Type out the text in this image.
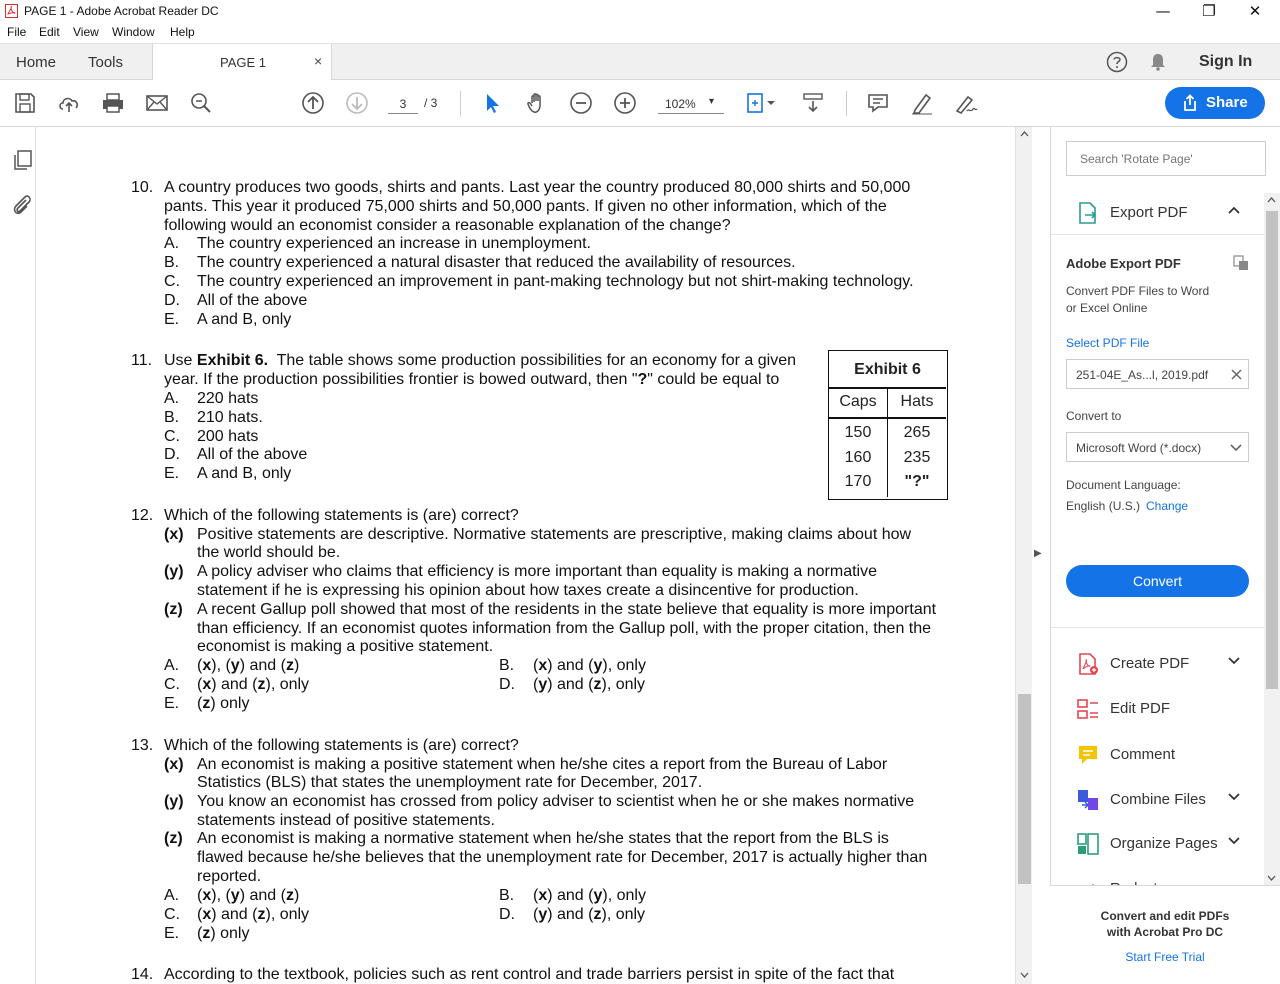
PAGE 1 - Adobe Acrobat Reader DC	—	❐	✕
File Edit View Window Help
Home Tools	PAGE 1	×	Sign In
3
/ 3	102% ▾	Share
10. A country produces two goods, shirts and pants. Last year the country produced 80,000 shirts and 50,000
pants. This year it produced 75,000 shirts and 50,000 pants. If given no other information, which of the
following would an economist consider a reasonable explanation of the change?
A. The country experienced an increase in unemployment.
B. The country experienced a natural disaster that reduced the availability of resources.
C. The country experienced an improvement in pant-making technology but not shirt-making technology.
D. All of the above
E. A and B, only
11. Use Exhibit 6.  The table shows some production possibilities for an economy for a given
year. If the production possibilities frontier is bowed outward, then "?" could be equal to
A. 220 hats
B. 210 hats.
C. 200 hats
D. All of the above
E. A and B, only
Exhibit 6
Caps	Hats
150	265
160	235
170	"?"
12. Which of the following statements is (are) correct?
(x) Positive statements are descriptive. Normative statements are prescriptive, making claims about how
the world should be.
(y) A policy adviser who claims that efficiency is more important than equality is making a normative
statement if he is expressing his opinion about how taxes create a disincentive for production.
(z) A recent Gallup poll showed that most of the residents in the state believe that equality is more important
than efficiency. If an economist quotes information from the Gallup poll, with the proper citation, then the
economist is making a positive statement.
A. (x), (y) and (z)	B. (x) and (y), only
C. (x) and (z), only	D. (y) and (z), only
E. (z) only
13. Which of the following statements is (are) correct?
(x) An economist is making a positive statement when he/she cites a report from the Bureau of Labor
Statistics (BLS) that states the unemployment rate for December, 2017.
(y) You know an economist has crossed from policy adviser to scientist when he or she makes normative
statements instead of positive statements.
(z) An economist is making a normative statement when he/she states that the report from the BLS is
flawed because he/she believes that the unemployment rate for December, 2017 is actually higher than
reported.
A. (x), (y) and (z)	B. (x) and (y), only
C. (x) and (z), only	D. (y) and (z), only
E. (z) only
14. According to the textbook, policies such as rent control and trade barriers persist in spite of the fact that
▶
Search 'Rotate Page'
Export PDF
Adobe Export PDF
Convert PDF Files to Word
or Excel Online
Select PDF File
251-04E_As...l, 2019.pdf
Convert to
Microsoft Word (*.docx)
Document Language:
English (U.S.) Change
Convert
Create PDF
Edit PDF
Comment
Combine Files
Organize Pages
Convert and edit PDFs
with Acrobat Pro DC
Start Free Trial
